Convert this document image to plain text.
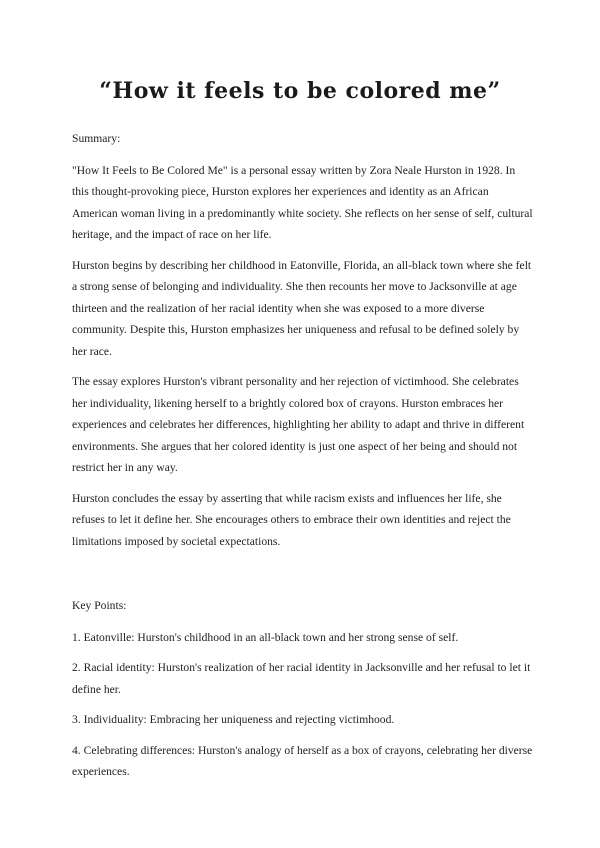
“How it feels to be colored me”

Summary:

"How It Feels to Be Colored Me" is a personal essay written by Zora Neale Hurston in 1928. In this thought-provoking piece, Hurston explores her experiences and identity as an African American woman living in a predominantly white society. She reflects on her sense of self, cultural heritage, and the impact of race on her life.

Hurston begins by describing her childhood in Eatonville, Florida, an all-black town where she felt a strong sense of belonging and individuality. She then recounts her move to Jacksonville at age thirteen and the realization of her racial identity when she was exposed to a more diverse community. Despite this, Hurston emphasizes her uniqueness and refusal to be defined solely by her race.

The essay explores Hurston's vibrant personality and her rejection of victimhood. She celebrates her individuality, likening herself to a brightly colored box of crayons. Hurston embraces her experiences and celebrates her differences, highlighting her ability to adapt and thrive in different environments. She argues that her colored identity is just one aspect of her being and should not restrict her in any way.

Hurston concludes the essay by asserting that while racism exists and influences her life, she refuses to let it define her. She encourages others to embrace their own identities and reject the limitations imposed by societal expectations.

Key Points:

1. Eatonville: Hurston's childhood in an all-black town and her strong sense of self.

2. Racial identity: Hurston's realization of her racial identity in Jacksonville and her refusal to let it define her.

3. Individuality: Embracing her uniqueness and rejecting victimhood.

4. Celebrating differences: Hurston's analogy of herself as a box of crayons, celebrating her diverse experiences.
